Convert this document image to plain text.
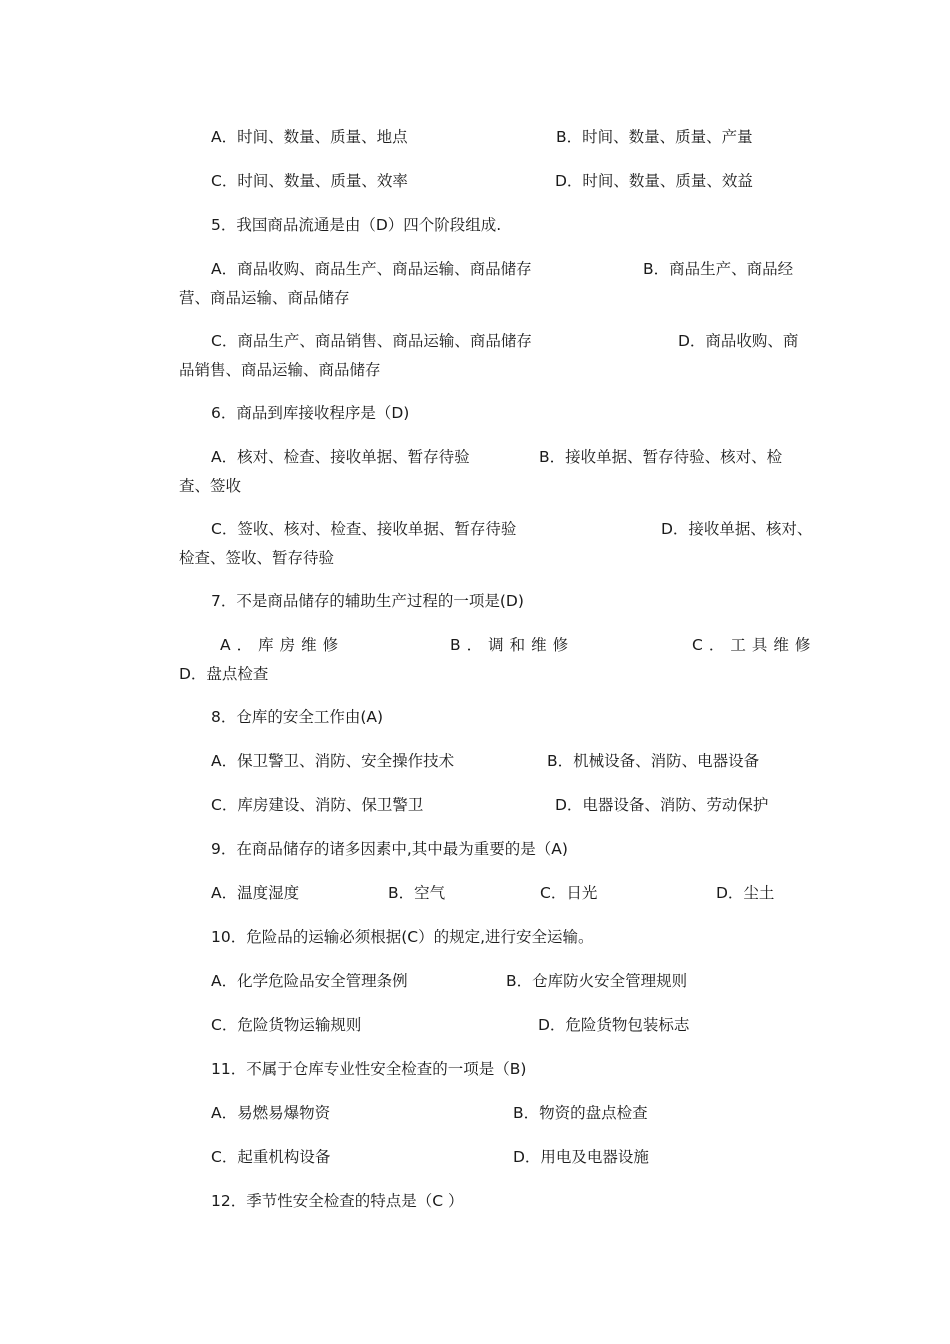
A．时间、数量、质量、地点	B．时间、数量、质量、产量
C．时间、数量、质量、效率	D．时间、数量、质量、效益
5．我国商品流通是由（D）四个阶段组成.
A．商品收购、商品生产、商品运输、商品储存	B．商品生产、商品经
营、商品运输、商品储存
C．商品生产、商品销售、商品运输、商品储存	D．商品收购、商
品销售、商品运输、商品储存
6．商品到库接收程序是（D)
A．核对、检查、接收单据、暂存待验	B．接收单据、暂存待验、核对、检
查、签收
C．签收、核对、检查、接收单据、暂存待验	D．接收单据、核对、
检查、签收、暂存待验
7．不是商品储存的辅助生产过程的一项是(D)
A．库房维修	B．调和维修	C．工具维修
D．盘点检查
8．仓库的安全工作由(A)
A．保卫警卫、消防、安全操作技术	B．机械设备、消防、电器设备
C．库房建设、消防、保卫警卫	D．电器设备、消防、劳动保护
9．在商品储存的诸多因素中,其中最为重要的是（A)
A．温度湿度	B．空气	C．日光	D．尘土
10．危险品的运输必须根据(C）的规定,进行安全运输。
A．化学危险品安全管理条例	B．仓库防火安全管理规则
C．危险货物运输规则	D．危险货物包装标志
11．不属于仓库专业性安全检查的一项是（B)
A．易燃易爆物资	B．物资的盘点检查
C．起重机构设备	D．用电及电器设施
12．季节性安全检查的特点是（C ）
